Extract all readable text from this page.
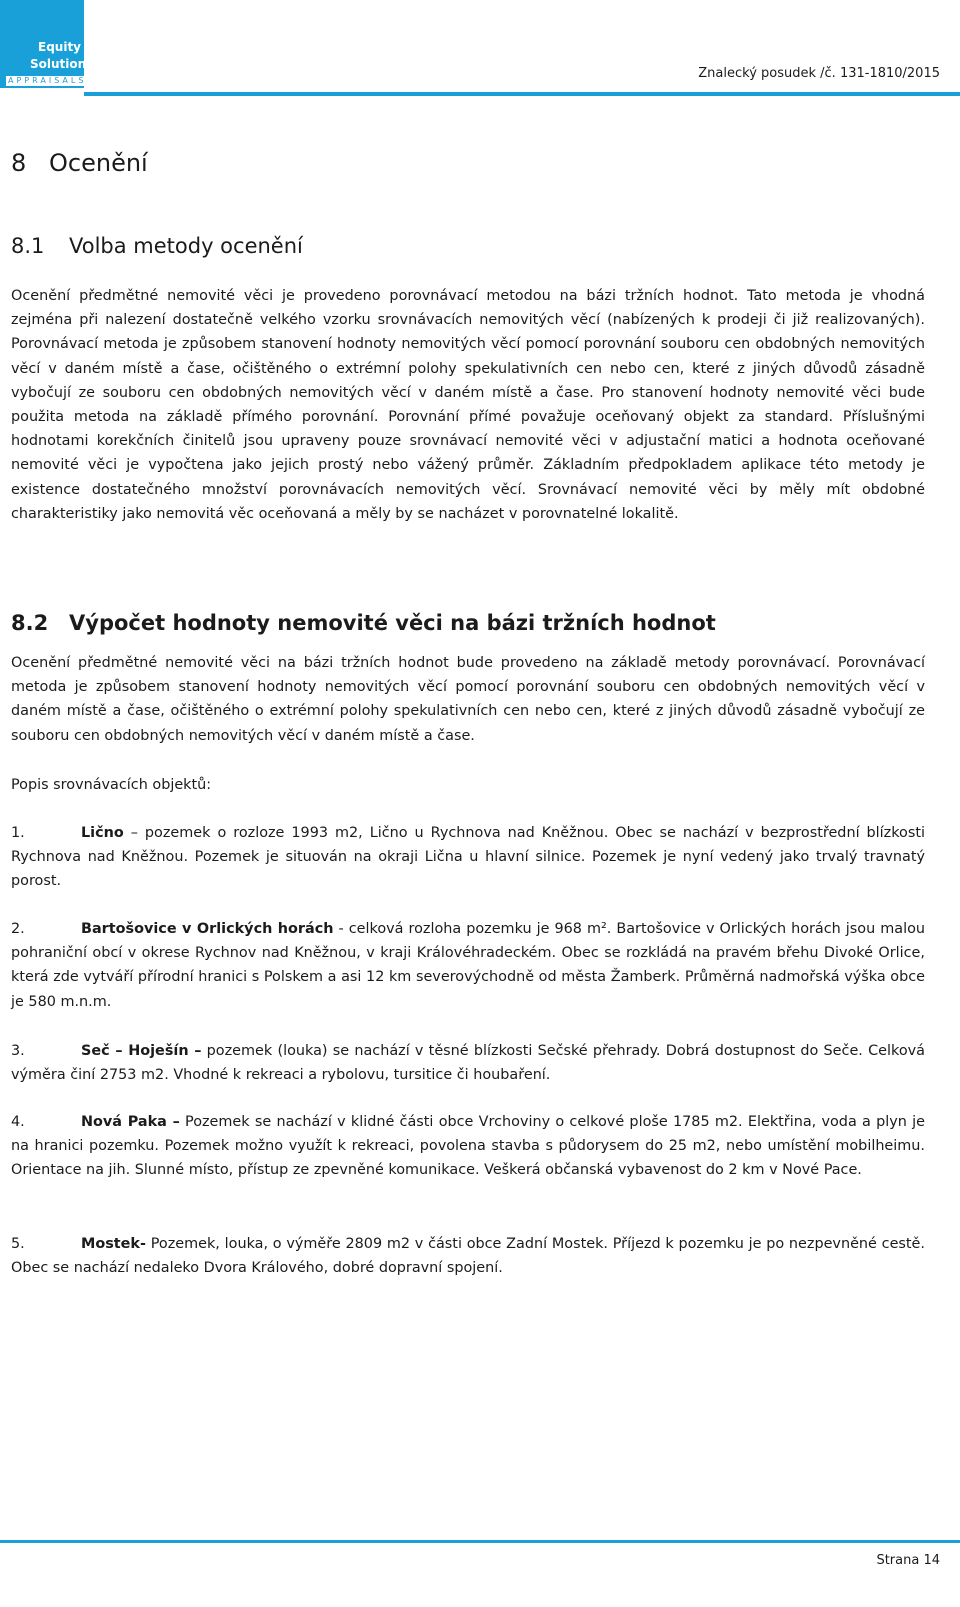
Equity
Solutions
APPRAISALS	Znalecký posudek /č. 131-1810/2015
8 Ocenění
8.1 Volba metody ocenění

Ocenění předmětné nemovité věci je provedeno porovnávací metodou na bázi tržních hodnot. Tato metoda je vhodná zejména při nalezení dostatečně velkého vzorku srovnávacích nemovitých věcí (nabízených k prodeji či již realizovaných). Porovnávací metoda je způsobem stanovení hodnoty nemovitých věcí pomocí porovnání souboru cen obdobných nemovitých věcí v daném místě a čase, očištěného o extrémní polohy spekulativních cen nebo cen, které z jiných důvodů zásadně vybočují ze souboru cen obdobných nemovitých věcí v daném místě a čase. Pro stanovení hodnoty nemovité věci bude použita metoda na základě přímého porovnání. Porovnání přímé považuje oceňovaný objekt za standard. Příslušnými hodnotami korekčních činitelů jsou upraveny pouze srovnávací nemovité věci v adjustační matici a hodnota oceňované nemovité věci je vypočtena jako jejich prostý nebo vážený průměr. Základním předpokladem aplikace této metody je existence dostatečného množství porovnávacích nemovitých věcí. Srovnávací nemovité věci by měly mít obdobné charakteristiky jako nemovitá věc oceňovaná a měly by se nacházet v porovnatelné lokalitě.

8.2 Výpočet hodnoty nemovité věci na bázi tržních hodnot

Ocenění předmětné nemovité věci na bázi tržních hodnot bude provedeno na základě metody porovnávací. Porovnávací metoda je způsobem stanovení hodnoty nemovitých věcí pomocí porovnání souboru cen obdobných nemovitých věcí v daném místě a čase, očištěného o extrémní polohy spekulativních cen nebo cen, které z jiných důvodů zásadně vybočují ze souboru cen obdobných nemovitých věcí v daném místě a čase.

Popis srovnávacích objektů:

1.	Lično – pozemek o rozloze 1993 m2, Lično u Rychnova nad Kněžnou. Obec se nachází v bezprostřední blízkosti Rychnova nad Kněžnou. Pozemek je situován na okraji Lična u hlavní silnice. Pozemek je nyní vedený jako trvalý travnatý porost.

2.	Bartošovice v Orlických horách - celková rozloha pozemku je 968 m². Bartošovice v Orlických horách jsou malou pohraniční obcí v okrese Rychnov nad Kněžnou, v kraji Královéhradeckém. Obec se rozkládá na pravém břehu Divoké Orlice, která zde vytváří přírodní hranici s Polskem a asi 12 km severovýchodně od města Žamberk. Průměrná nadmořská výška obce je 580 m.n.m.

3.	Seč – Hoješín – pozemek (louka) se nachází v těsné blízkosti Sečské přehrady. Dobrá dostupnost do Seče. Celková výměra činí 2753 m2. Vhodné k rekreaci a rybolovu, tursitice či houbaření.

4.	Nová Paka – Pozemek se nachází v klidné části obce Vrchoviny o celkové ploše 1785 m2. Elektřina, voda a plyn je na hranici pozemku. Pozemek možno využít k rekreaci, povolena stavba s půdorysem do 25 m2, nebo umístění mobilheimu. Orientace na jih. Slunné místo, přístup ze zpevněné komunikace. Veškerá občanská vybavenost do 2 km v Nové Pace.

5.	Mostek- Pozemek, louka, o výměře 2809 m2 v části obce Zadní Mostek. Příjezd k pozemku je po nezpevněné cestě. Obec se nachází nedaleko Dvora Králového, dobré dopravní spojení.

Strana 14
